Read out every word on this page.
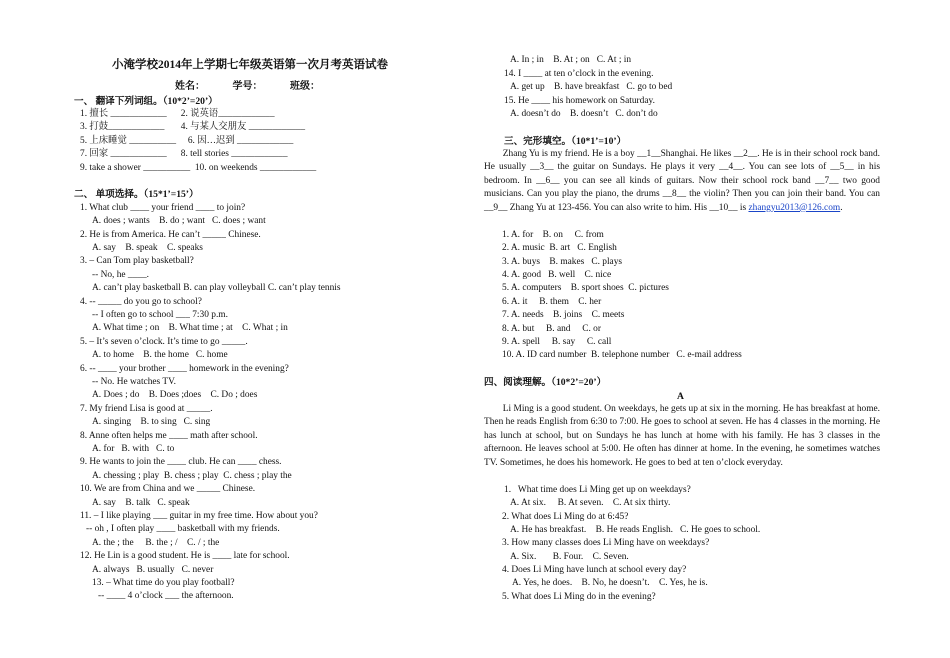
小淹学校2014年上学期七年级英语第一次月考英语试卷
姓名：           学号：           班级：
一、 翻译下列词组。（10*2’=20’）
1. 擅长 ____________      2. 说英语____________
3. 打鼓____________       4. 与某人交朋友 ____________
5. 上床睡觉 __________     6. 因…迟到 ____________
7. 回家 ____________      8. tell stories ____________
9. take a shower __________  10. on weekends ____________
二、 单项选择。（15*1’=15’）
1. What club ____ your friend ____ to join?
A. does ; wants    B. do ; want   C. does ; want
2. He is from America. He can’t _____ Chinese.
A. say    B. speak    C. speaks
3. – Can Tom play basketball?
-- No, he ____.
A. can’t play basketball B. can play volleyball C. can’t play tennis
4. -- _____ do you go to school?
-- I often go to school ___ 7:30 p.m.
A. What time ; on    B. What time ; at    C. What ; in
5. – It’s seven o’clock. It’s time to go _____.
A. to home    B. the home   C. home
6. -- ____ your brother ____ homework in the evening?
-- No. He watches TV.
A. Does ; do    B. Does ;does    C. Do ; does
7. My friend Lisa is good at _____.
A. singing    B. to sing   C. sing
8. Anne often helps me ____ math after school.
A. for   B. with   C. to
9. He wants to join the ____ club. He can ____ chess.
A. chessing ; play  B. chess ; play  C. chess ; play the
10. We are from China and we _____ Chinese.
A. say    B. talk   C. speak
11. – I like playing ___ guitar in my free time. How about you?
-- oh , I often play ____ basketball with my friends.
A. the ; the     B. the ; /    C. / ; the
12. He Lin is a good student. He is ____ late for school.
A. always   B. usually   C. never
13. – What time do you play football?
-- ____ 4 o’clock ___ the afternoon.
A. In ; in    B. At ; on   C. At ; in
14. I ____ at ten o’clock in the evening.
A. get up    B. have breakfast   C. go to bed
15. He ____ his homework on Saturday.
A. doesn’t do    B. doesn’t   C. don’t do
三、完形填空。（10*1’=10’）
Zhang Yu is my friend. He is a boy __1__Shanghai. He likes __2__. He is in their school rock band. He usually __3__ the guitar on Sundays. He plays it very __4__. You can see lots of __5__ in his bedroom. In __6__ you can see all kinds of guitars. Now their school rock band __7__ two good musicians. Can you play the piano, the drums __8__ the violin? Then you can join their band. You can __9__ Zhang Yu at 123-456. You can also write to him. His __10__ is zhangyu2013@126.com.
1. A. for    B. on     C. from
2. A. music  B. art   C. English
3. A. buys    B. makes   C. plays
4. A. good   B. well    C. nice
5. A. computers    B. sport shoes  C. pictures
6. A. it     B. them    C. her
7. A. needs    B. joins    C. meets
8. A. but     B. and     C. or
9. A. spell     B. say     C. call
10. A. ID card number  B. telephone number   C. e-mail address
四、阅读理解。（10*2’=20’）
A
Li Ming is a good student. On weekdays, he gets up at six in the morning. He has breakfast at home. Then he reads English from 6:30 to 7:00. He goes to school at seven. He has 4 classes in the morning. He has lunch at school, but on Sundays he has lunch at home with his family. He has 3 classes in the afternoon. He leaves school at 5:00. He often has dinner at home. In the evening, he sometimes watches TV. Sometimes, he does his homework. He goes to bed at ten o’clock everyday.
1.   What time does Li Ming get up on weekdays?
A. At six.     B. At seven.    C. At six thirty.
2. What does Li Ming do at 6:45?
A. He has breakfast.    B. He reads English.   C. He goes to school.
3. How many classes does Li Ming have on weekdays?
A. Six.       B. Four.    C. Seven.
4. Does Li Ming have lunch at school every day?
A. Yes, he does.    B. No, he doesn’t.    C. Yes, he is.
5. What does Li Ming do in the evening?
